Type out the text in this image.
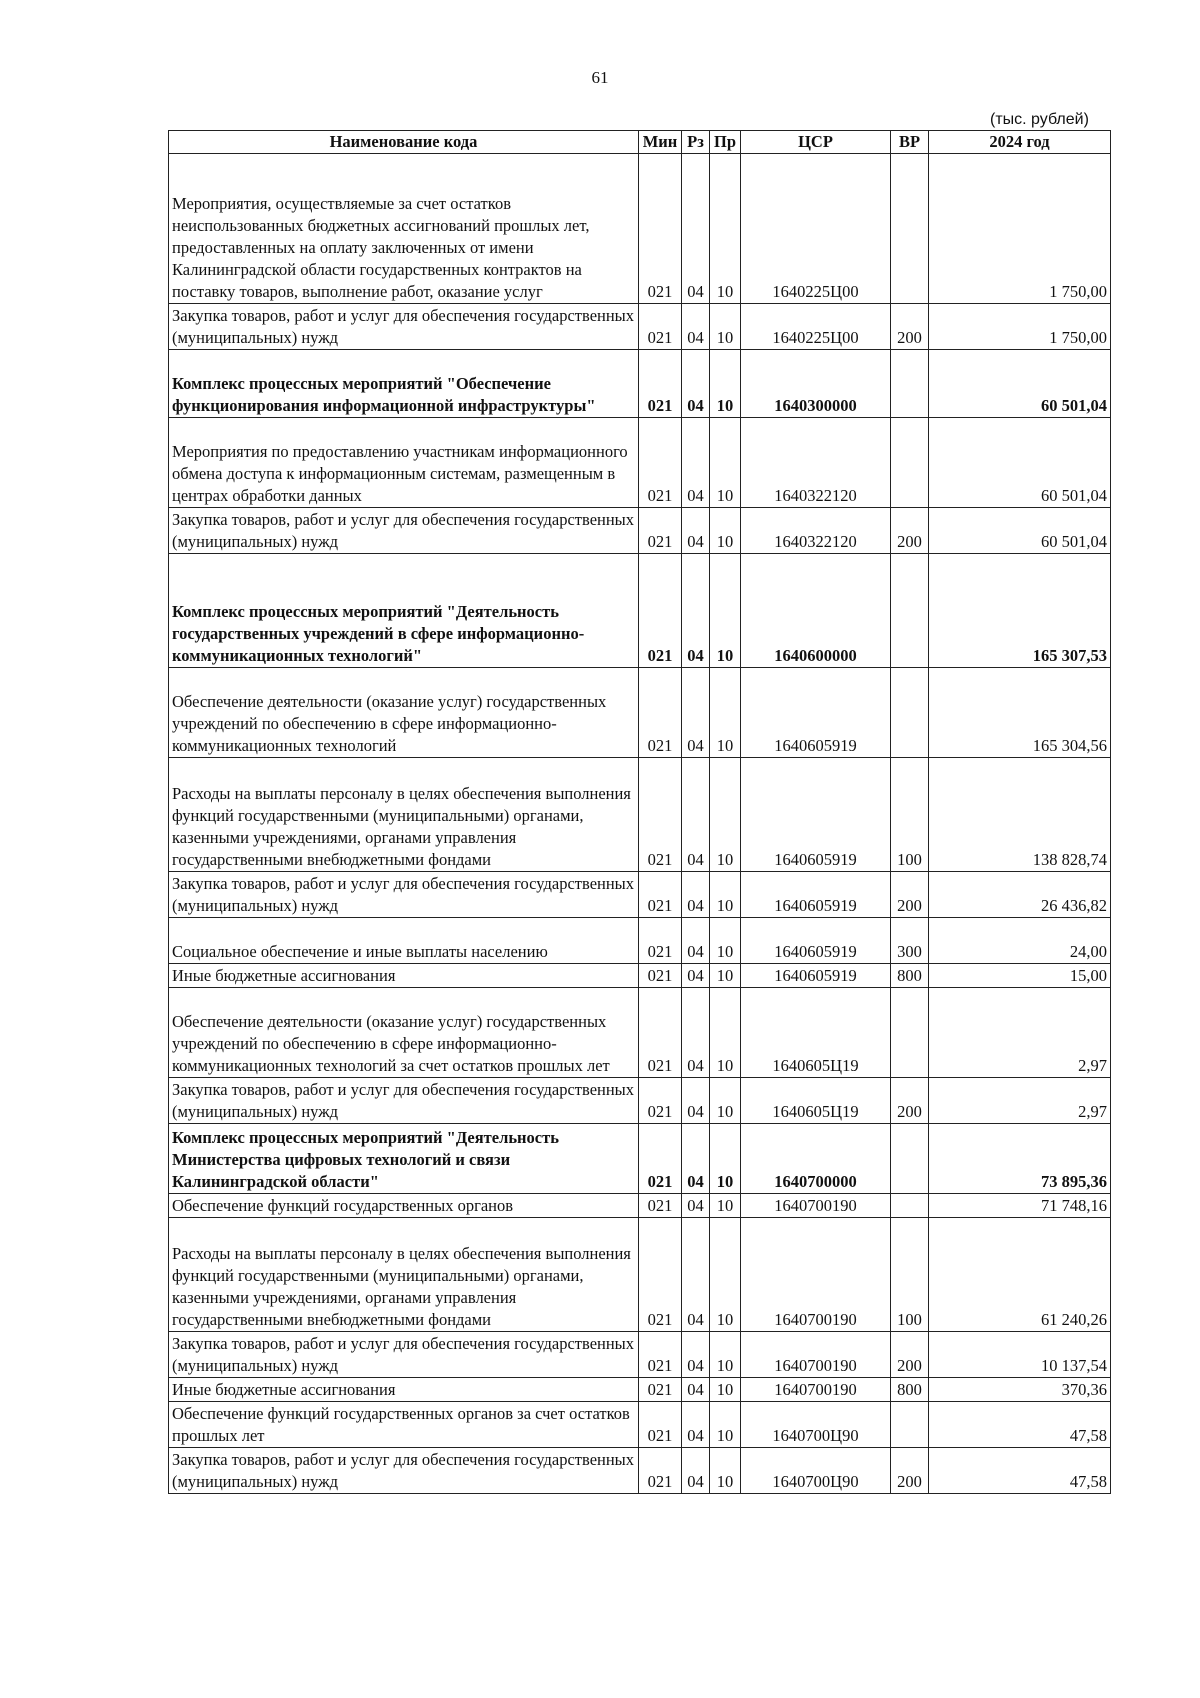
61
(тыс. рублей)
Наименование кода	Мин	Рз	Пр	ЦСР	ВР	2024 год
Мероприятия, осуществляемые за счет остатков неиспользованных бюджетных ассигнований прошлых лет, предоставленных на оплату заключенных от имени Калининградской области государственных контрактов на поставку товаров, выполнение работ, оказание услуг	021	04	10	1640225Ц00		1 750,00
Закупка товаров, работ и услуг для обеспечения государственных (муниципальных) нужд	021	04	10	1640225Ц00	200	1 750,00
Комплекс процессных мероприятий "Обеспечение функционирования информационной инфраструктуры"	021	04	10	1640300000		60 501,04
Мероприятия по предоставлению участникам информационного обмена доступа к информационным системам, размещенным в центрах обработки данных	021	04	10	1640322120		60 501,04
Закупка товаров, работ и услуг для обеспечения государственных (муниципальных) нужд	021	04	10	1640322120	200	60 501,04
Комплекс процессных мероприятий "Деятельность государственных учреждений в сфере информационно-коммуникационных технологий"	021	04	10	1640600000		165 307,53
Обеспечение деятельности (оказание услуг) государственных учреждений по обеспечению в сфере информационно-коммуникационных технологий	021	04	10	1640605919		165 304,56
Расходы на выплаты персоналу в целях обеспечения выполнения функций государственными (муниципальными) органами, казенными учреждениями, органами управления государственными внебюджетными фондами	021	04	10	1640605919	100	138 828,74
Закупка товаров, работ и услуг для обеспечения государственных (муниципальных) нужд	021	04	10	1640605919	200	26 436,82
Социальное обеспечение и иные выплаты населению	021	04	10	1640605919	300	24,00
Иные бюджетные ассигнования	021	04	10	1640605919	800	15,00
Обеспечение деятельности (оказание услуг) государственных учреждений по обеспечению в сфере информационно-коммуникационных технологий за счет остатков прошлых лет	021	04	10	1640605Ц19		2,97
Закупка товаров, работ и услуг для обеспечения государственных (муниципальных) нужд	021	04	10	1640605Ц19	200	2,97
Комплекс процессных мероприятий "Деятельность Министерства цифровых технологий и связи Калининградской области"	021	04	10	1640700000		73 895,36
Обеспечение функций государственных органов	021	04	10	1640700190		71 748,16
Расходы на выплаты персоналу в целях обеспечения выполнения функций государственными (муниципальными) органами, казенными учреждениями, органами управления государственными внебюджетными фондами	021	04	10	1640700190	100	61 240,26
Закупка товаров, работ и услуг для обеспечения государственных (муниципальных) нужд	021	04	10	1640700190	200	10 137,54
Иные бюджетные ассигнования	021	04	10	1640700190	800	370,36
Обеспечение функций государственных органов за счет остатков прошлых лет	021	04	10	1640700Ц90		47,58
Закупка товаров, работ и услуг для обеспечения государственных (муниципальных) нужд	021	04	10	1640700Ц90	200	47,58
